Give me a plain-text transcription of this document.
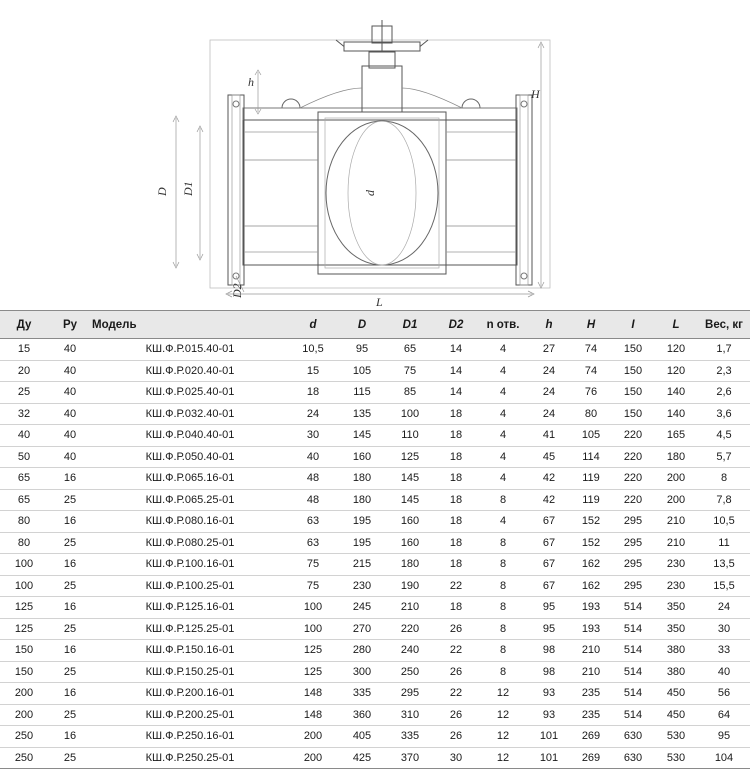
h
H
D D1
D2
d
L
Ду	Ру	Модель	d	D	D1	D2	n отв.	h	H	I	L	Вес, кг
15	40	КШ.Ф.Р.015.40-01	10,5	95	65	14	4	27	74	150	120	1,7
20	40	КШ.Ф.Р.020.40-01	15	105	75	14	4	24	74	150	120	2,3
25	40	КШ.Ф.Р.025.40-01	18	115	85	14	4	24	76	150	140	2,6
32	40	КШ.Ф.Р.032.40-01	24	135	100	18	4	24	80	150	140	3,6
40	40	КШ.Ф.Р.040.40-01	30	145	110	18	4	41	105	220	165	4,5
50	40	КШ.Ф.Р.050.40-01	40	160	125	18	4	45	114	220	180	5,7
65	16	КШ.Ф.Р.065.16-01	48	180	145	18	4	42	119	220	200	8
65	25	КШ.Ф.Р.065.25-01	48	180	145	18	8	42	119	220	200	7,8
80	16	КШ.Ф.Р.080.16-01	63	195	160	18	4	67	152	295	210	10,5
80	25	КШ.Ф.Р.080.25-01	63	195	160	18	8	67	152	295	210	11
100	16	КШ.Ф.Р.100.16-01	75	215	180	18	8	67	162	295	230	13,5
100	25	КШ.Ф.Р.100.25-01	75	230	190	22	8	67	162	295	230	15,5
125	16	КШ.Ф.Р.125.16-01	100	245	210	18	8	95	193	514	350	24
125	25	КШ.Ф.Р.125.25-01	100	270	220	26	8	95	193	514	350	30
150	16	КШ.Ф.Р.150.16-01	125	280	240	22	8	98	210	514	380	33
150	25	КШ.Ф.Р.150.25-01	125	300	250	26	8	98	210	514	380	40
200	16	КШ.Ф.Р.200.16-01	148	335	295	22	12	93	235	514	450	56
200	25	КШ.Ф.Р.200.25-01	148	360	310	26	12	93	235	514	450	64
250	16	КШ.Ф.Р.250.16-01	200	405	335	26	12	101	269	630	530	95
250	25	КШ.Ф.Р.250.25-01	200	425	370	30	12	101	269	630	530	104
